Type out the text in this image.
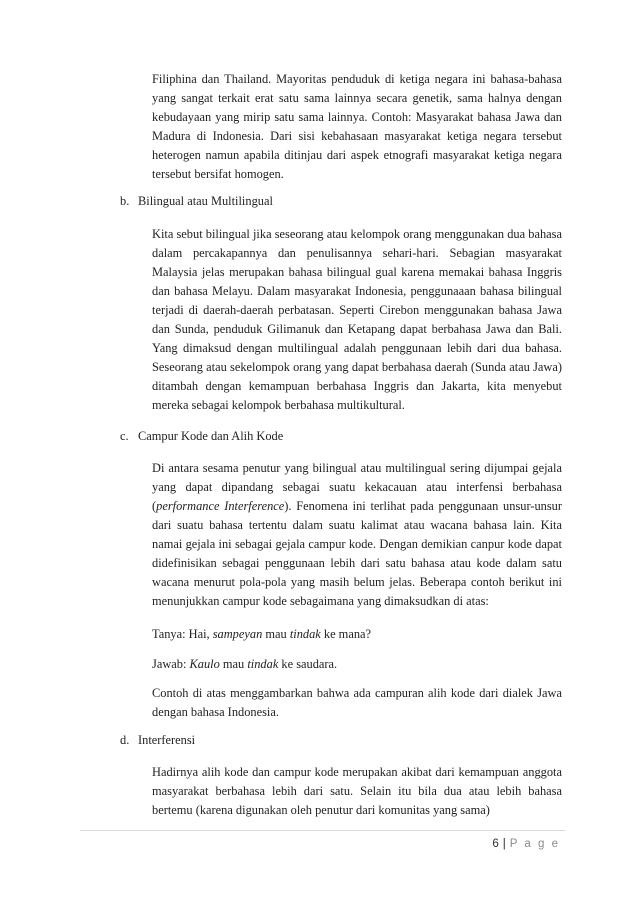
Filiphina dan Thailand. Mayoritas penduduk di ketiga negara ini bahasa-bahasa yang sangat terkait erat satu sama lainnya secara genetik, sama halnya dengan kebudayaan yang mirip satu sama lainnya. Contoh: Masyarakat bahasa Jawa dan Madura di Indonesia. Dari sisi kebahasaan masyarakat ketiga negara tersebut heterogen namun apabila ditinjau dari aspek etnografi masyarakat ketiga negara tersebut bersifat homogen.

b. Bilingual atau Multilingual

Kita sebut bilingual jika seseorang atau kelompok orang menggunakan dua bahasa dalam percakapannya dan penulisannya sehari-hari. Sebagian masyarakat Malaysia jelas merupakan bahasa bilingual gual karena memakai bahasa Inggris dan bahasa Melayu. Dalam masyarakat Indonesia, penggunaaan bahasa bilingual terjadi di daerah-daerah perbatasan. Seperti Cirebon menggunakan bahasa Jawa dan Sunda, penduduk Gilimanuk dan Ketapang dapat berbahasa Jawa dan Bali. Yang dimaksud dengan multilingual adalah penggunaan lebih dari dua bahasa. Seseorang atau sekelompok orang yang dapat berbahasa daerah (Sunda atau Jawa) ditambah dengan kemampuan berbahasa Inggris dan Jakarta, kita menyebut mereka sebagai kelompok berbahasa multikultural.

c. Campur Kode dan Alih Kode

Di antara sesama penutur yang bilingual atau multilingual sering dijumpai gejala yang dapat dipandang sebagai suatu kekacauan atau interfensi berbahasa (performance Interference). Fenomena ini terlihat pada penggunaan unsur-unsur dari suatu bahasa tertentu dalam suatu kalimat atau wacana bahasa lain. Kita namai gejala ini sebagai gejala campur kode. Dengan demikian canpur kode dapat didefinisikan sebagai penggunaan lebih dari satu bahasa atau kode dalam satu wacana menurut pola-pola yang masih belum jelas. Beberapa contoh berikut ini menunjukkan campur kode sebagaimana yang dimaksudkan di atas:

Tanya: Hai, sampeyan mau tindak ke mana?

Jawab: Kaulo mau tindak ke saudara.

Contoh di atas menggambarkan bahwa ada campuran alih kode dari dialek Jawa dengan bahasa Indonesia.

d. Interferensi

Hadirnya alih kode dan campur kode merupakan akibat dari kemampuan anggota masyarakat berbahasa lebih dari satu. Selain itu bila dua atau lebih bahasa bertemu (karena digunakan oleh penutur dari komunitas yang sama)

6 | P a g e
